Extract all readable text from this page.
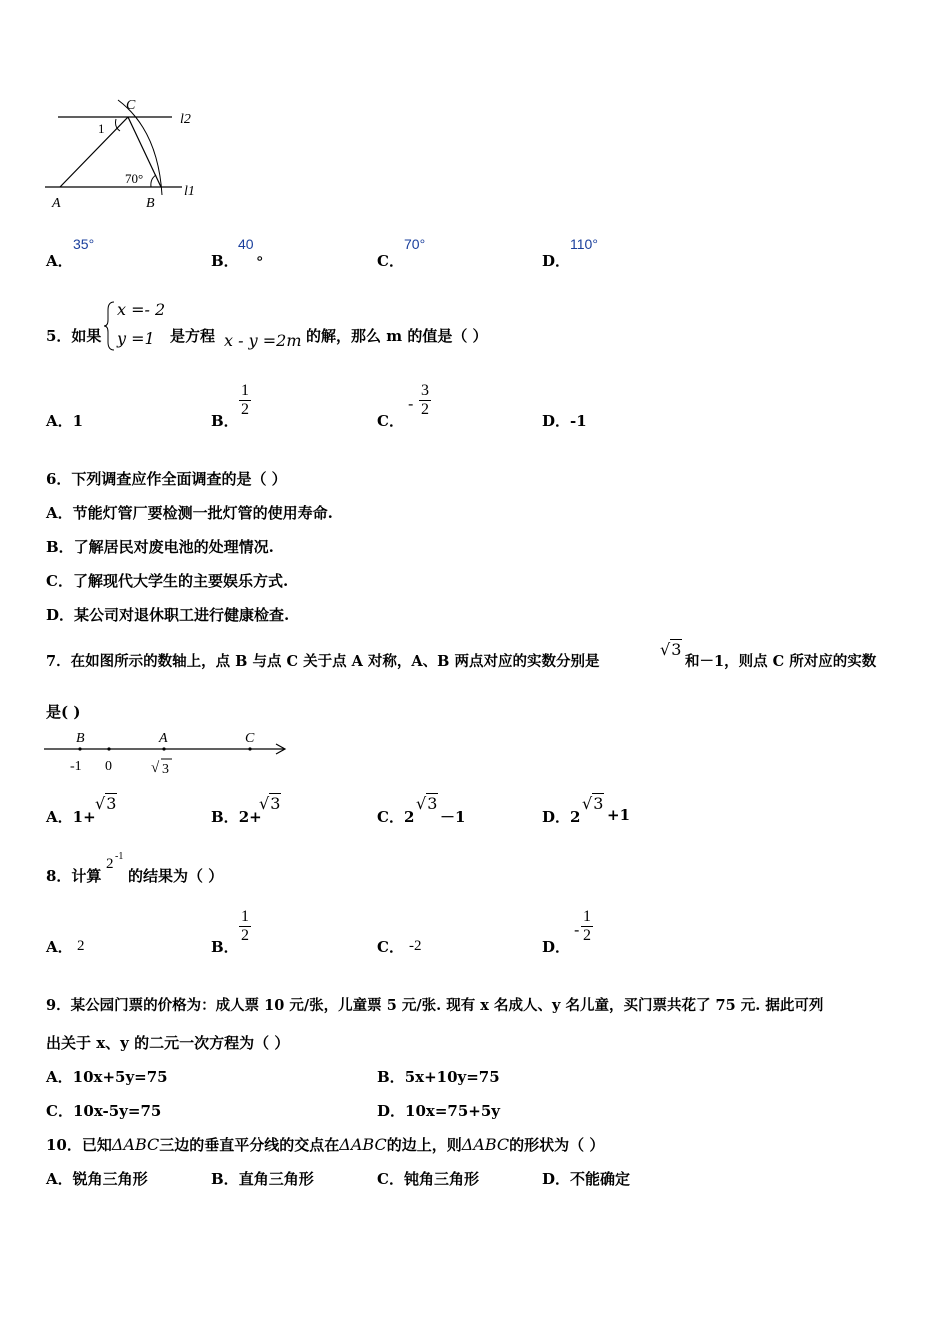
C
l2
1
70°
A	B
l1
A．
35°
B．
40
。	C．
70°
D．
110°
5．如果
x =- 2
y =1 是方程 x - y =2m 的解，那么 m 的值是（ ）
A．1	B．
$\frac{1}{2}$
C．
- $\frac{3}{2}$
D．-1
6．下列调查应作全面调查的是（ ）
A．节能灯管厂要检测一批灯管的使用寿命.
B．了解居民对废电池的处理情况.
C．了解现代大学生的主要娱乐方式.
D．某公司对退休职工进行健康检查.
7．在如图所示的数轴上，点 B 与点 C 关于点 A 对称，A、B 两点对应的实数分别是
√3
和－1，则点 C 所对应的实数
是( )
B	A	C
-1 0	√ 3
A．1+
√3
B．2+
√3
C．2
√3
－1	D．2
√3
+1
8．计算
2 -1
的结果为（ ）
A． 2	B．
$\frac{1}{2}$
C． -2	D．
- $\frac{1}{2}$
9．某公园门票的价格为：成人票 10 元/张，儿童票 5 元/张. 现有 x 名成人、y 名儿童，买门票共花了 75 元. 据此可列
出关于 x、y 的二元一次方程为（ ）
A．10x+5y=75	B．5x+10y=75
C．10x-5y=75	D．10x=75+5y
10．已知ΔABC三边的垂直平分线的交点在ΔABC的边上，则ΔABC的形状为（ ）
A．锐角三角形	B．直角三角形	C．钝角三角形	D．不能确定
